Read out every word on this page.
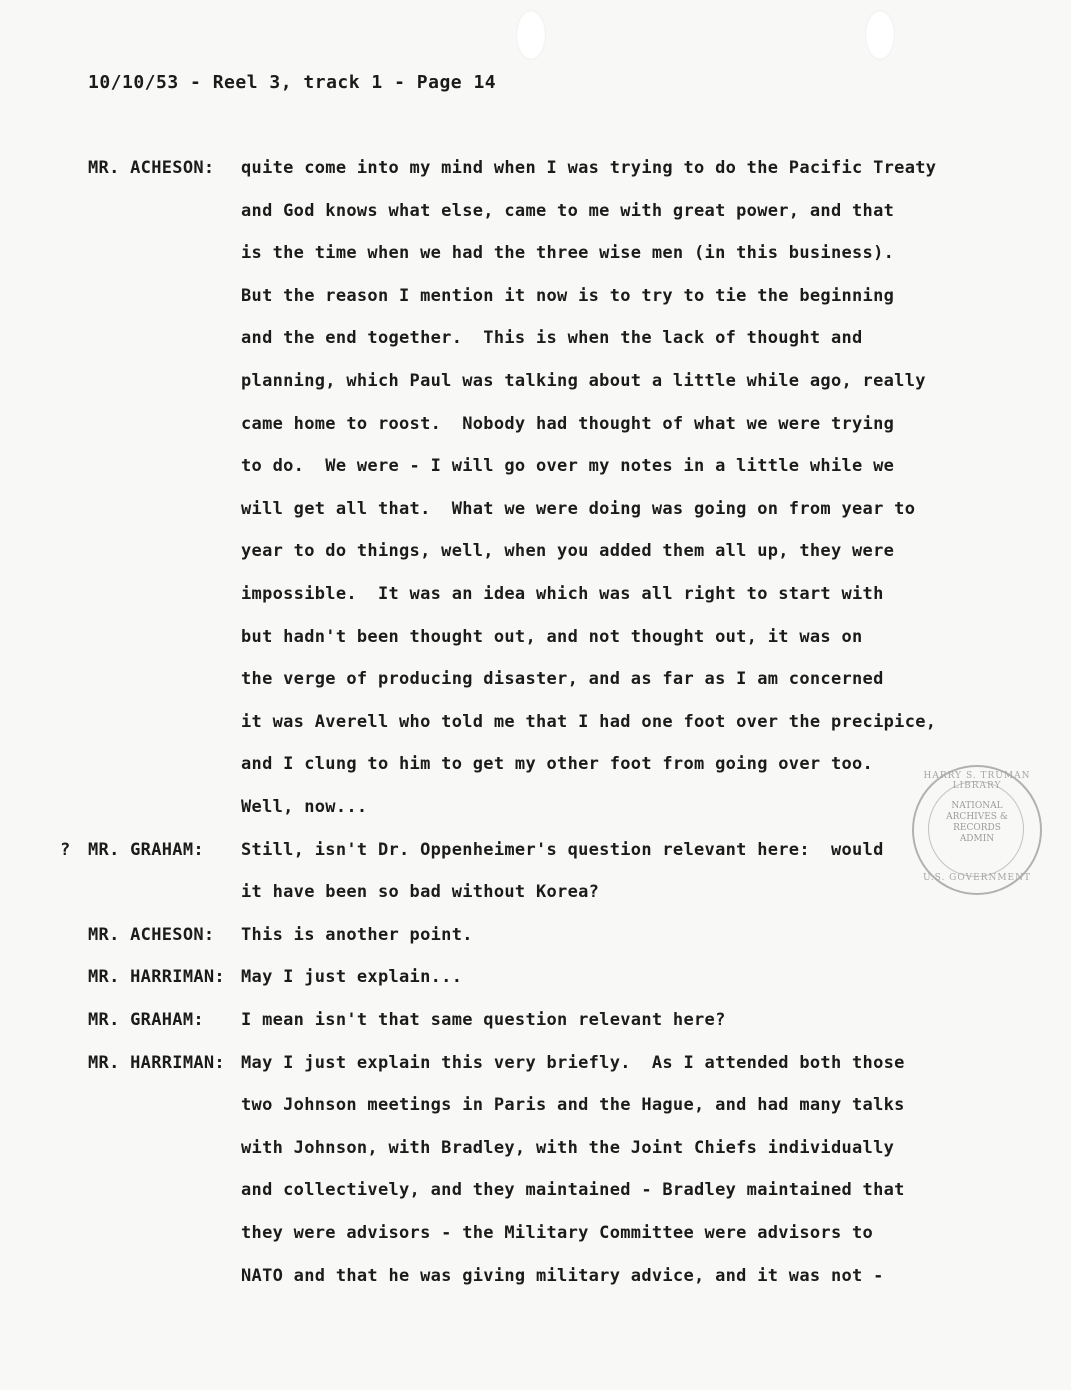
10/10/53 - Reel 3, track 1 - Page 14
MR. ACHESON: quite come into my mind when I was trying to do the Pacific Treaty
and God knows what else, came to me with great power, and that
is the time when we had the three wise men (in this business).
But the reason I mention it now is to try to tie the beginning
and the end together.  This is when the lack of thought and
planning, which Paul was talking about a little while ago, really
came home to roost.  Nobody had thought of what we were trying
to do.  We were - I will go over my notes in a little while we
will get all that.  What we were doing was going on from year to
year to do things, well, when you added them all up, they were
impossible.  It was an idea which was all right to start with
but hadn't been thought out, and not thought out, it was on
the verge of producing disaster, and as far as I am concerned
it was Averell who told me that I had one foot over the precipice,
and I clung to him to get my other foot from going over too.
Well, now...
? MR. GRAHAM: Still, isn't Dr. Oppenheimer's question relevant here:  would
it have been so bad without Korea?
MR. ACHESON: This is another point.
MR. HARRIMAN: May I just explain...
MR. GRAHAM: I mean isn't that same question relevant here?
MR. HARRIMAN: May I just explain this very briefly.  As I attended both those
two Johnson meetings in Paris and the Hague, and had many talks
with Johnson, with Bradley, with the Joint Chiefs individually
and collectively, and they maintained - Bradley maintained that
they were advisors - the Military Committee were advisors to
NATO and that he was giving military advice, and it was not -
HARRY S. TRUMAN LIBRARY
NATIONAL
ARCHIVES &
RECORDS
ADMIN
U.S. GOVERNMENT
